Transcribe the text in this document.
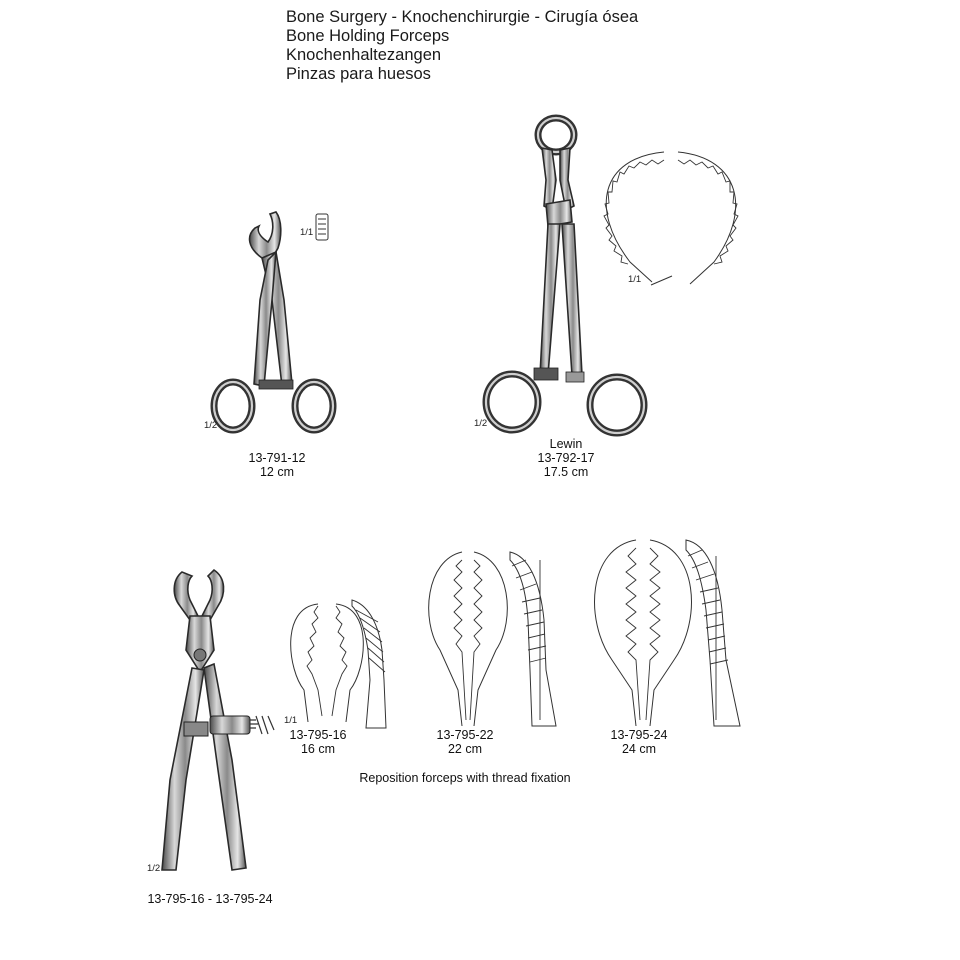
Bone Surgery - Knochenchirurgie - Cirugía ósea
Bone Holding Forceps
Knochenhaltezangen
Pinzas para huesos
1/1
1/2	1/2
1/1
1/1
1/2
13-791-12
12 cm
Lewin
13-792-17
17.5 cm
13-795-16
16 cm
13-795-22
22 cm
13-795-24
24 cm
Reposition forceps with thread fixation
13-795-16 - 13-795-24
